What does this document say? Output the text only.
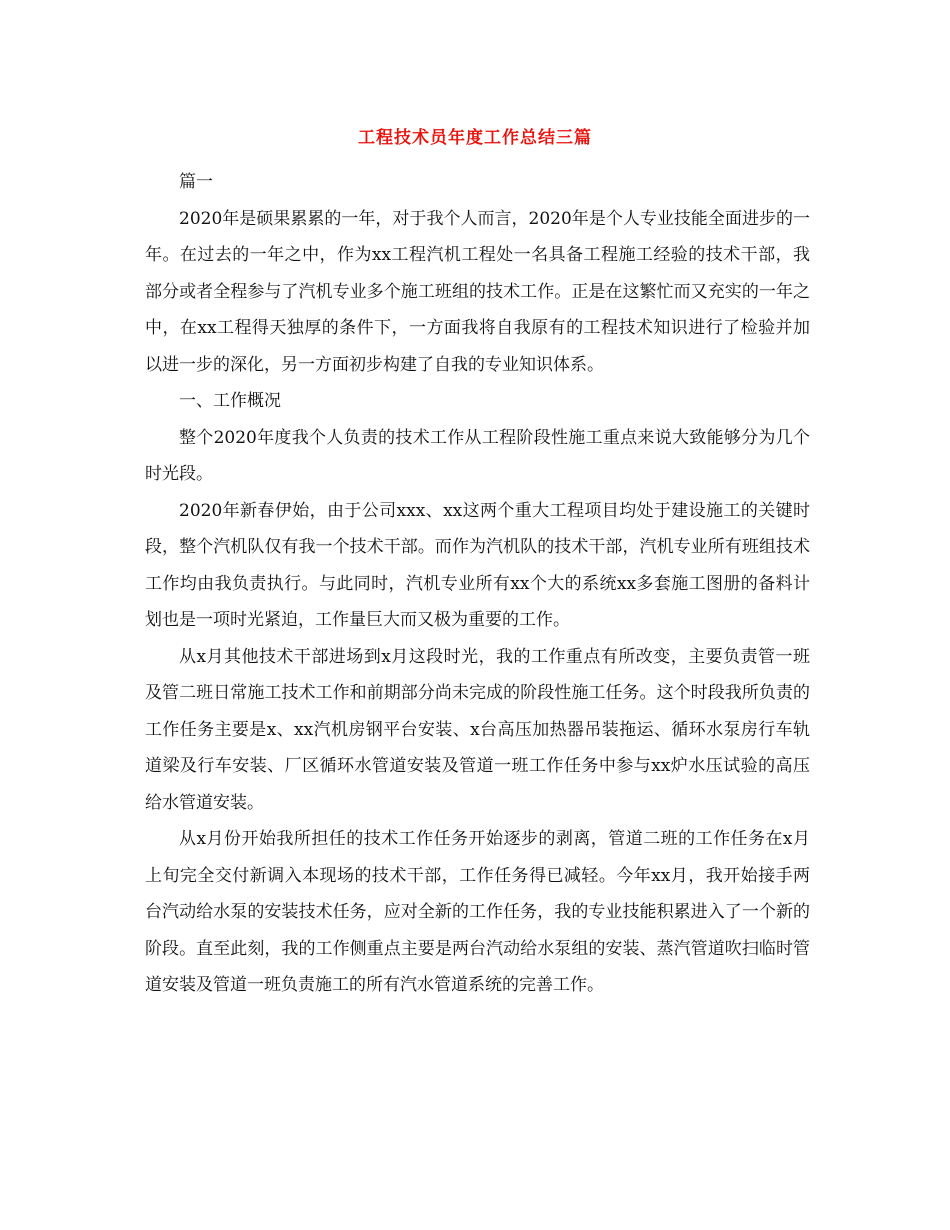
工程技术员年度工作总结三篇

篇一

2020年是硕果累累的一年，对于我个人而言，2020年是个人专业技能全面进步的一年。在过去的一年之中，作为xx工程汽机工程处一名具备工程施工经验的技术干部，我部分或者全程参与了汽机专业多个施工班组的技术工作。正是在这繁忙而又充实的一年之中，在xx工程得天独厚的条件下，一方面我将自我原有的工程技术知识进行了检验并加以进一步的深化，另一方面初步构建了自我的专业知识体系。

一、工作概况

整个2020年度我个人负责的技术工作从工程阶段性施工重点来说大致能够分为几个时光段。

2020年新春伊始，由于公司xxx、xx这两个重大工程项目均处于建设施工的关键时段，整个汽机队仅有我一个技术干部。而作为汽机队的技术干部，汽机专业所有班组技术工作均由我负责执行。与此同时，汽机专业所有xx个大的系统xx多套施工图册的备料计划也是一项时光紧迫，工作量巨大而又极为重要的工作。

从x月其他技术干部进场到x月这段时光，我的工作重点有所改变，主要负责管一班及管二班日常施工技术工作和前期部分尚未完成的阶段性施工任务。这个时段我所负责的工作任务主要是x、xx汽机房钢平台安装、x台高压加热器吊装拖运、循环水泵房行车轨道梁及行车安装、厂区循环水管道安装及管道一班工作任务中参与xx炉水压试验的高压给水管道安装。

从x月份开始我所担任的技术工作任务开始逐步的剥离，管道二班的工作任务在x月上旬完全交付新调入本现场的技术干部，工作任务得已减轻。今年xx月，我开始接手两台汽动给水泵的安装技术任务，应对全新的工作任务，我的专业技能积累进入了一个新的阶段。直至此刻，我的工作侧重点主要是两台汽动给水泵组的安装、蒸汽管道吹扫临时管道安装及管道一班负责施工的所有汽水管道系统的完善工作。
